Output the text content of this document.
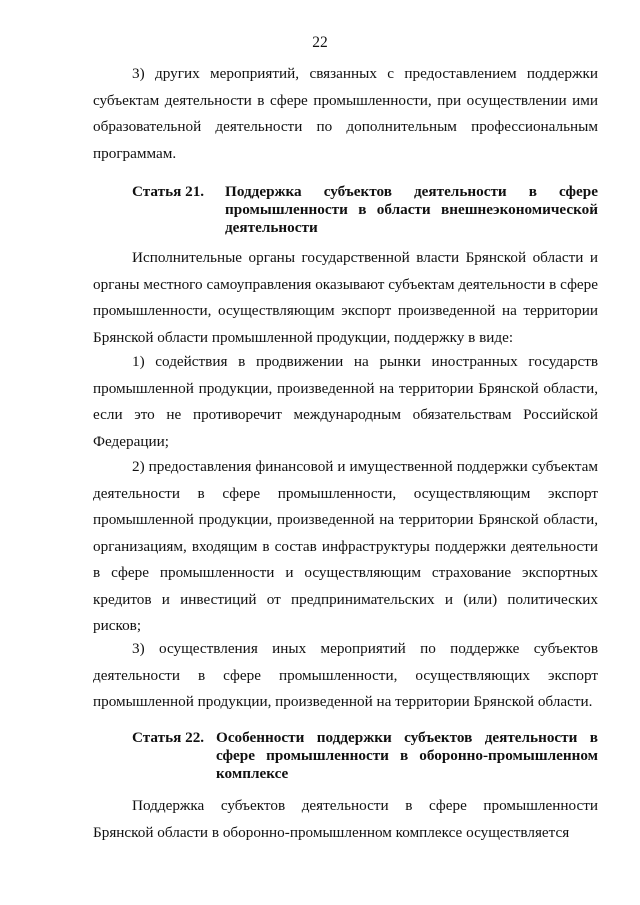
22

3) других мероприятий, связанных с предоставлением поддержки субъектам деятельности в сфере промышленности, при осуществлении ими образовательной деятельности по дополнительным профессиональным программам.

Статья 21. Поддержка субъектов деятельности в сфере промышленности в области внешнеэкономической деятельности

Исполнительные органы государственной власти Брянской области и органы местного самоуправления оказывают субъектам деятельности в сфере промышленности, осуществляющим экспорт произведенной на территории Брянской области промышленной продукции, поддержку в виде:

1) содействия в продвижении на рынки иностранных государств промышленной продукции, произведенной на территории Брянской области, если это не противоречит международным обязательствам Российской Федерации;

2) предоставления финансовой и имущественной поддержки субъектам деятельности в сфере промышленности, осуществляющим экспорт промышленной продукции, произведенной на территории Брянской области, организациям, входящим в состав инфраструктуры поддержки деятельности в сфере промышленности и осуществляющим страхование экспортных кредитов и инвестиций от предпринимательских и (или) политических рисков;

3) осуществления иных мероприятий по поддержке субъектов деятельности в сфере промышленности, осуществляющих экспорт промышленной продукции, произведенной на территории Брянской области.

Статья 22. Особенности поддержки субъектов деятельности в сфере промышленности в оборонно-промышленном комплексе

Поддержка субъектов деятельности в сфере промышленности Брянской области в оборонно-промышленном комплексе осуществляется
